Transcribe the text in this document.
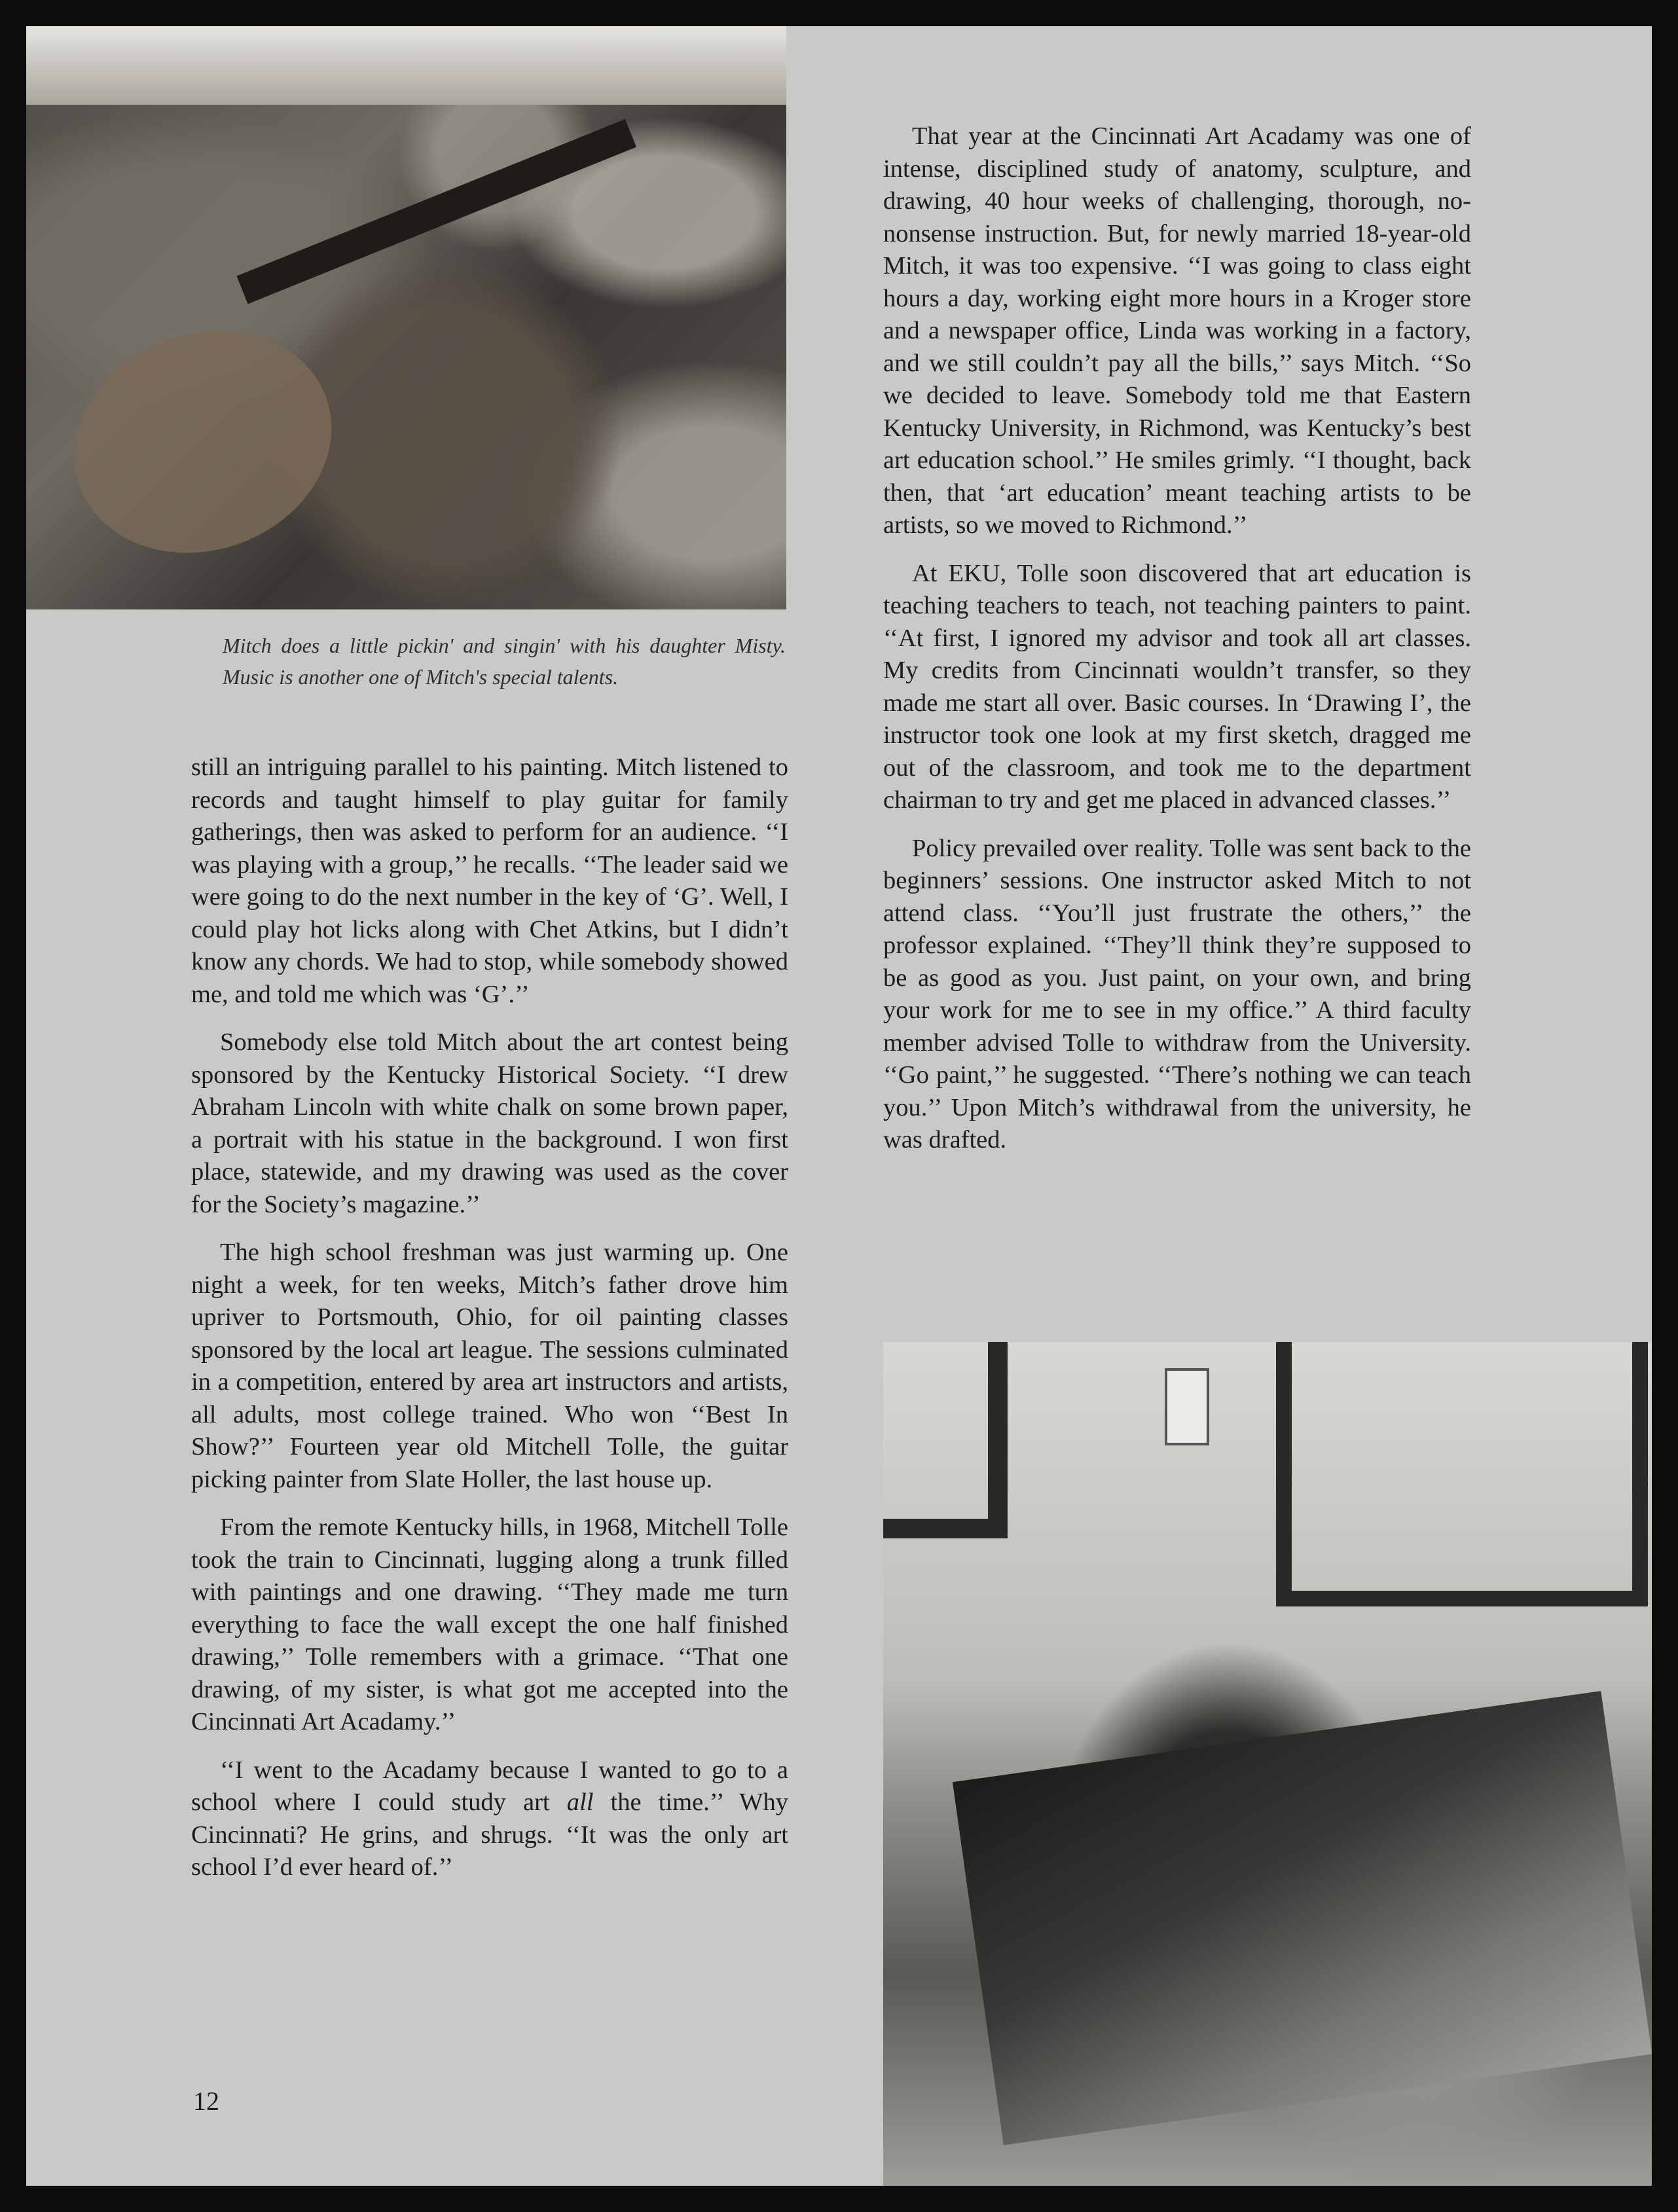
Mitch does a little pickin' and singin' with his daughter Misty. Music is another one of Mitch's special talents.

still an intriguing parallel to his painting. Mitch listened to records and taught himself to play guitar for family gatherings, then was asked to perform for an audience. ‘‘I was playing with a group,’’ he recalls. ‘‘The leader said we were going to do the next number in the key of ‘G’. Well, I could play hot licks along with Chet Atkins, but I didn’t know any chords. We had to stop, while somebody showed me, and told me which was ‘G’.’’

Somebody else told Mitch about the art contest being sponsored by the Kentucky Historical Society. ‘‘I drew Abraham Lincoln with white chalk on some brown paper, a portrait with his statue in the background. I won first place, statewide, and my drawing was used as the cover for the Society’s magazine.’’

The high school freshman was just warming up. One night a week, for ten weeks, Mitch’s father drove him upriver to Portsmouth, Ohio, for oil painting classes sponsored by the local art league. The sessions culminated in a competition, entered by area art instructors and artists, all adults, most college trained. Who won ‘‘Best In Show?’’ Fourteen year old Mitchell Tolle, the guitar picking painter from Slate Holler, the last house up.

From the remote Kentucky hills, in 1968, Mitchell Tolle took the train to Cincinnati, lugging along a trunk filled with paintings and one drawing. ‘‘They made me turn everything to face the wall except the one half finished drawing,’’ Tolle remembers with a grimace. ‘‘That one drawing, of my sister, is what got me accepted into the Cincinnati Art Acadamy.’’

‘‘I went to the Acadamy because I wanted to go to a school where I could study art all the time.’’ Why Cincinnati? He grins, and shrugs. ‘‘It was the only art school I’d ever heard of.’’

That year at the Cincinnati Art Acadamy was one of intense, disciplined study of anatomy, sculpture, and drawing, 40 hour weeks of challenging, thorough, no-nonsense instruction. But, for newly married 18-year-old Mitch, it was too expensive. ‘‘I was going to class eight hours a day, working eight more hours in a Kroger store and a newspaper office, Linda was working in a factory, and we still couldn’t pay all the bills,’’ says Mitch. ‘‘So we decided to leave. Somebody told me that Eastern Kentucky University, in Richmond, was Kentucky’s best art education school.’’ He smiles grimly. ‘‘I thought, back then, that ‘art education’ meant teaching artists to be artists, so we moved to Richmond.’’

At EKU, Tolle soon discovered that art education is teaching teachers to teach, not teaching painters to paint. ‘‘At first, I ignored my advisor and took all art classes. My credits from Cincinnati wouldn’t transfer, so they made me start all over. Basic courses. In ‘Drawing I’, the instructor took one look at my first sketch, dragged me out of the classroom, and took me to the department chairman to try and get me placed in advanced classes.’’

Policy prevailed over reality. Tolle was sent back to the beginners’ sessions. One instructor asked Mitch to not attend class. ‘‘You’ll just frustrate the others,’’ the professor explained. ‘‘They’ll think they’re supposed to be as good as you. Just paint, on your own, and bring your work for me to see in my office.’’ A third faculty member advised Tolle to withdraw from the University. ‘‘Go paint,’’ he suggested. ‘‘There’s nothing we can teach you.’’ Upon Mitch’s withdrawal from the university, he was drafted.

12
